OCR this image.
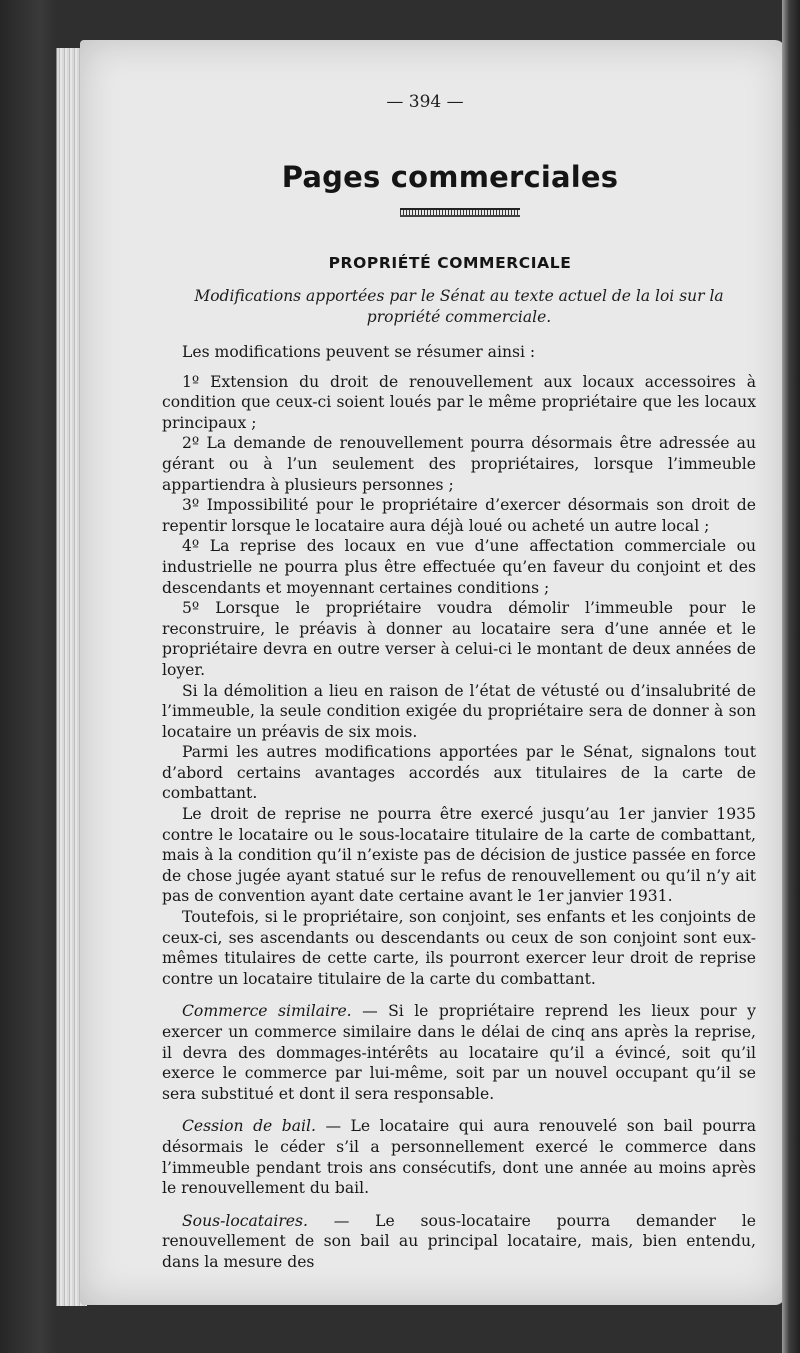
— 394 —
Pages commerciales
PROPRIÉTÉ COMMERCIALE
Modifications apportées par le Sénat au texte actuel de la loi sur la propriété commerciale.

Les modifications peuvent se résumer ainsi :

1º Extension du droit de renouvellement aux locaux accessoires à condition que ceux-ci soient loués par le même propriétaire que les locaux principaux ;

2º La demande de renouvellement pourra désormais être adressée au gérant ou à l’un seulement des propriétaires, lorsque l’immeuble appartiendra à plusieurs personnes ;

3º Impossibilité pour le propriétaire d’exercer désormais son droit de repentir lorsque le locataire aura déjà loué ou acheté un autre local ;

4º La reprise des locaux en vue d’une affectation commerciale ou industrielle ne pourra plus être effectuée qu’en faveur du conjoint et des descendants et moyennant certaines conditions ;

5º Lorsque le propriétaire voudra démolir l’immeuble pour le reconstruire, le préavis à donner au locataire sera d’une année et le propriétaire devra en outre verser à celui-ci le montant de deux années de loyer.

Si la démolition a lieu en raison de l’état de vétusté ou d’insalubrité de l’immeuble, la seule condition exigée du propriétaire sera de donner à son locataire un préavis de six mois.

Parmi les autres modifications apportées par le Sénat, signalons tout d’abord certains avantages accordés aux titulaires de la carte de combattant.

Le droit de reprise ne pourra être exercé jusqu’au 1er janvier 1935 contre le locataire ou le sous-locataire titulaire de la carte de combattant, mais à la condition qu’il n’existe pas de décision de justice passée en force de chose jugée ayant statué sur le refus de renouvellement ou qu’il n’y ait pas de convention ayant date certaine avant le 1er janvier 1931.

Toutefois, si le propriétaire, son conjoint, ses enfants et les conjoints de ceux-ci, ses ascendants ou descendants ou ceux de son conjoint sont eux-mêmes titulaires de cette carte, ils pourront exercer leur droit de reprise contre un locataire titulaire de la carte du combattant.

Commerce similaire. — Si le propriétaire reprend les lieux pour y exercer un commerce similaire dans le délai de cinq ans après la reprise, il devra des dommages-intérêts au locataire qu’il a évincé, soit qu’il exerce le commerce par lui-même, soit par un nouvel occupant qu’il se sera substitué et dont il sera responsable.

Cession de bail. — Le locataire qui aura renouvelé son bail pourra désormais le céder s’il a personnellement exercé le commerce dans l’immeuble pendant trois ans consécutifs, dont une année au moins après le renouvellement du bail.

Sous-locataires. — Le sous-locataire pourra demander le renouvellement de son bail au principal locataire, mais, bien entendu, dans la mesure des
